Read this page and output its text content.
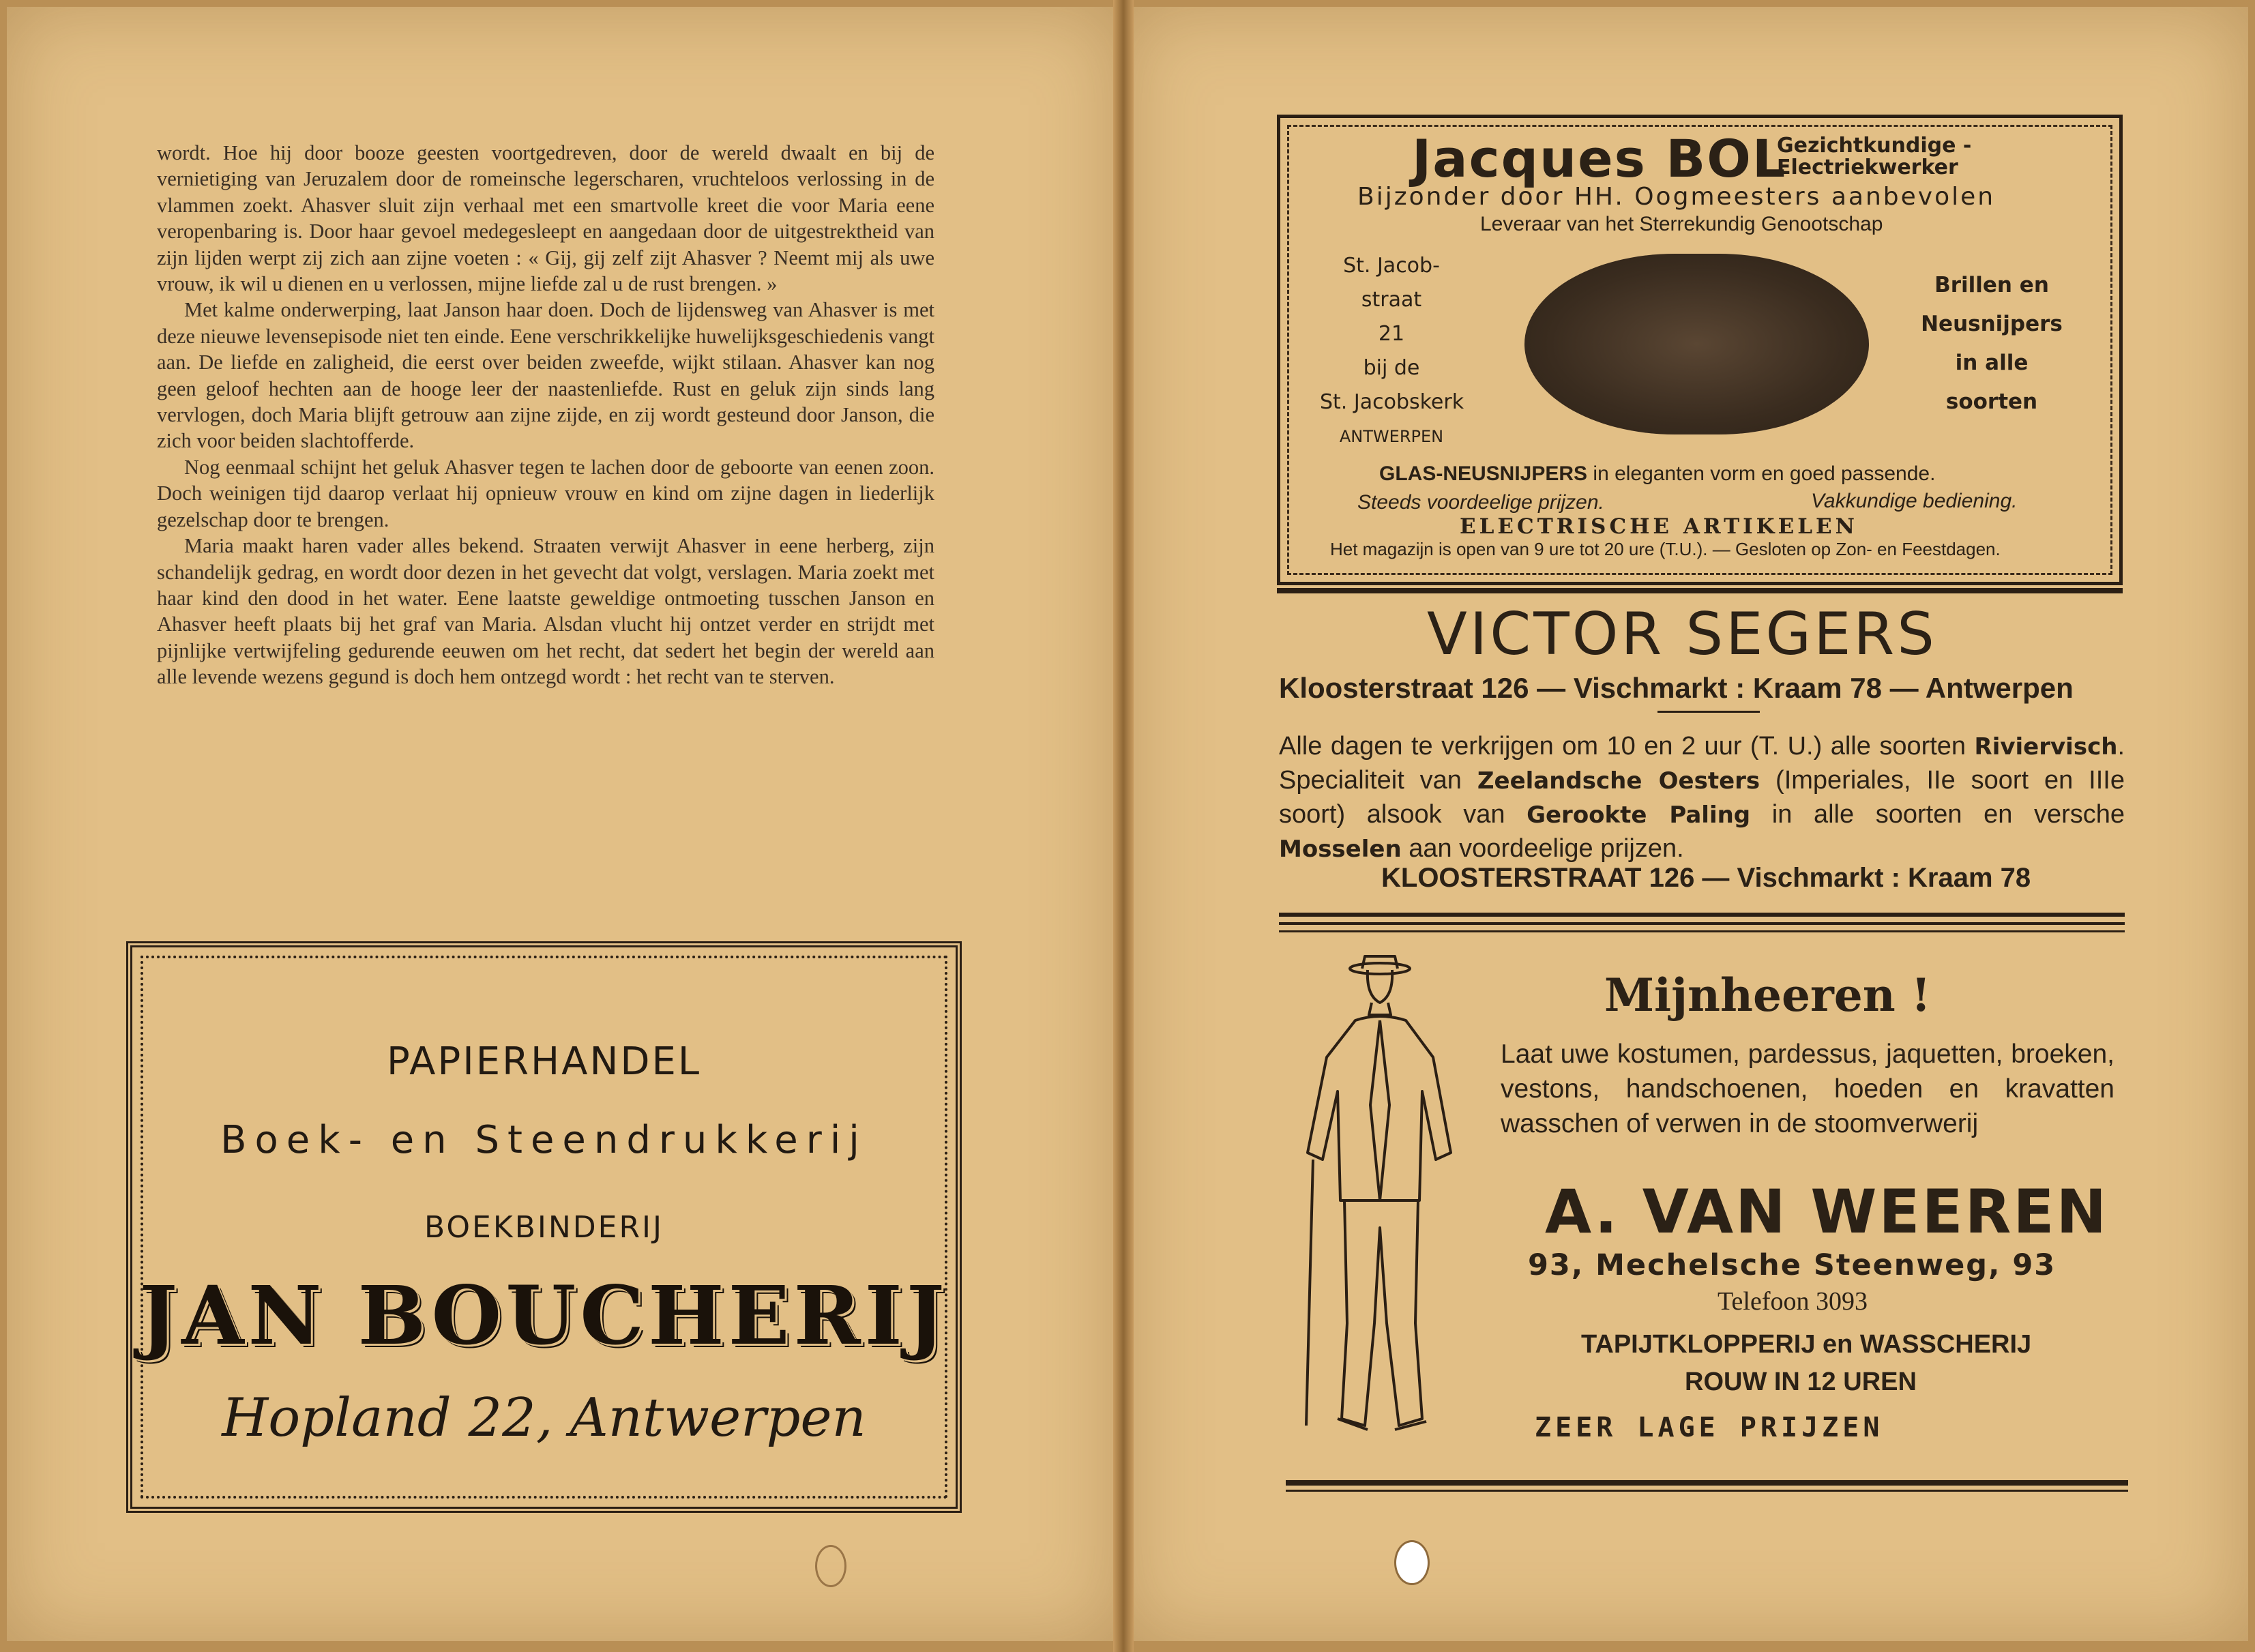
wordt. Hoe hij door booze geesten voortgedreven, door de wereld dwaalt en bij de vernietiging van Jeruzalem door de romeinsche legerscharen, vruchteloos verlossing in de vlammen zoekt. Ahasver sluit zijn verhaal met een smartvolle kreet die voor Maria eene veropenbaring is. Door haar gevoel medegesleept en aangedaan door de uitgestrektheid van zijn lijden werpt zij zich aan zijne voeten : « Gij, gij zelf zijt Ahasver ? Neemt mij als uwe vrouw, ik wil u dienen en u verlossen, mijne liefde zal u de rust brengen. »

Met kalme onderwerping, laat Janson haar doen. Doch de lijdensweg van Ahasver is met deze nieuwe levensepisode niet ten einde. Eene verschrikkelijke huwelijksgeschiedenis vangt aan. De liefde en zaligheid, die eerst over beiden zweefde, wijkt stilaan. Ahasver kan nog geen geloof hechten aan de hooge leer der naastenliefde. Rust en geluk zijn sinds lang vervlogen, doch Maria blijft getrouw aan zijne zijde, en zij wordt gesteund door Janson, die zich voor beiden slachtofferde.

Nog eenmaal schijnt het geluk Ahasver tegen te lachen door de geboorte van eenen zoon. Doch weinigen tijd daarop verlaat hij opnieuw vrouw en kind om zijne dagen in liederlijk gezelschap door te brengen.

Maria maakt haren vader alles bekend. Straaten verwijt Ahasver in eene herberg, zijn schandelijk gedrag, en wordt door dezen in het gevecht dat volgt, verslagen. Maria zoekt met haar kind den dood in het water. Eene laatste geweldige ontmoeting tusschen Janson en Ahasver heeft plaats bij het graf van Maria. Alsdan vlucht hij ontzet verder en strijdt met pijnlijke vertwijfeling gedurende eeuwen om het recht, dat sedert het begin der wereld aan alle levende wezens gegund is doch hem ontzegd wordt : het recht van te sterven.

PAPIERHANDEL
Boek- en Steendrukkerij
BOEKBINDERIJ
JAN BOUCHERIJ
Hopland 22, Antwerpen
Jacques BOL
Gezichtkundige -
Electriekwerker
Bijzonder door HH. Oogmeesters aanbevolen
Leveraar van het Sterrekundig Genootschap
St. Jacob-
straat
21
bij de
St. Jacobskerk
ANTWERPEN
Brillen en
Neusnijpers
in alle
soorten
GLAS-NEUSNIJPERS in eleganten vorm en goed passende.
Steeds voordeelige prijzen.	Vakkundige bediening.
ELECTRISCHE ARTIKELEN
Het magazijn is open van 9 ure tot 20 ure (T.U.). — Gesloten op Zon- en Feestdagen.
VICTOR SEGERS
Kloosterstraat 126 — Vischmarkt : Kraam 78 — Antwerpen
Alle dagen te verkrijgen om 10 en 2 uur (T. U.) alle soorten Riviervisch. Specialiteit van Zeelandsche Oesters (Imperiales, IIe soort en IIIe soort) alsook van Gerookte Paling in alle soorten en versche Mosselen aan voordeelige prijzen.
KLOOSTERSTRAAT 126 — Vischmarkt : Kraam 78
Mijnheeren !
Laat uwe kostumen, pardessus, jaquetten, broeken, vestons, handschoenen, hoeden en kravatten wasschen of verwen in de stoomverwerij
A. VAN WEEREN
93, Mechelsche Steenweg, 93
Telefoon 3093
TAPIJTKLOPPERIJ en WASSCHERIJ
ROUW IN 12 UREN
ZEER LAGE PRIJZEN
